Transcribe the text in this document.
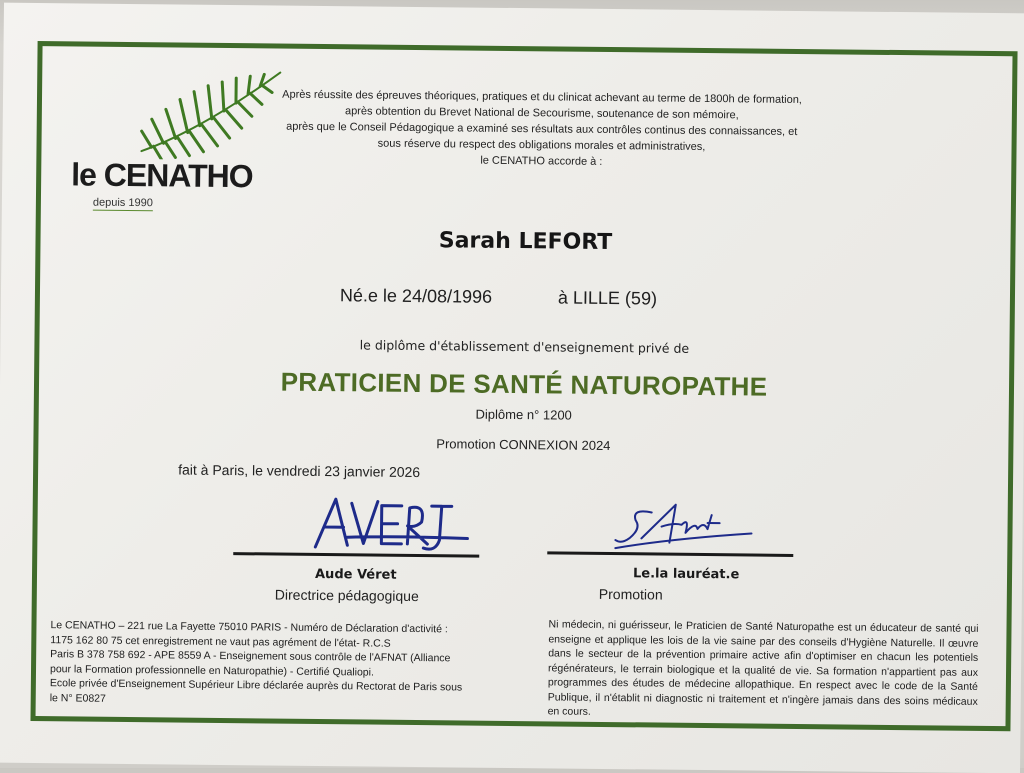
le CENATHO
depuis 1990
Après réussite des épreuves théoriques, pratiques et du clinicat achevant au terme de 1800h de formation,
après obtention du Brevet National de Secourisme, soutenance de son mémoire,
après que le Conseil Pédagogique a examiné ses résultats aux contrôles continus des connaissances, et
sous réserve du respect des obligations morales et administratives,
le CENATHO accorde à :
Sarah LEFORT
Né.e le 24/08/1996	à LILLE (59)
le diplôme d'établissement d'enseignement privé de
PRATICIEN DE SANTÉ NATUROPATHE
Diplôme n° 1200
Promotion CONNEXION 2024
fait à Paris, le vendredi 23 janvier 2026
Aude Véret
Directrice pédagogique
Le.la lauréat.e
Promotion
Le CENATHO – 221 rue La Fayette 75010 PARIS - Numéro de Déclaration d'activité :
1175 162 80 75 cet enregistrement ne vaut pas agrément de l'état- R.C.S
Paris B 378 758 692 - APE 8559 A - Enseignement sous contrôle de l'AFNAT (Alliance
pour la Formation professionnelle en Naturopathie) - Certifié Qualiopi.
Ecole privée d'Enseignement Supérieur Libre déclarée auprès du Rectorat de Paris sous
le N° E0827
Ni médecin, ni guérisseur, le Praticien de Santé Naturopathe est un éducateur de santé qui enseigne et applique les lois de la vie saine par des conseils d'Hygiène Naturelle. Il œuvre dans le secteur de la prévention primaire active afin d'optimiser en chacun les potentiels régénérateurs, le terrain biologique et la qualité de vie. Sa formation n'appartient pas aux programmes des études de médecine allopathique. En respect avec le code de la Santé Publique, il n'établit ni diagnostic ni traitement et n'ingère jamais dans des soins médicaux en cours.
